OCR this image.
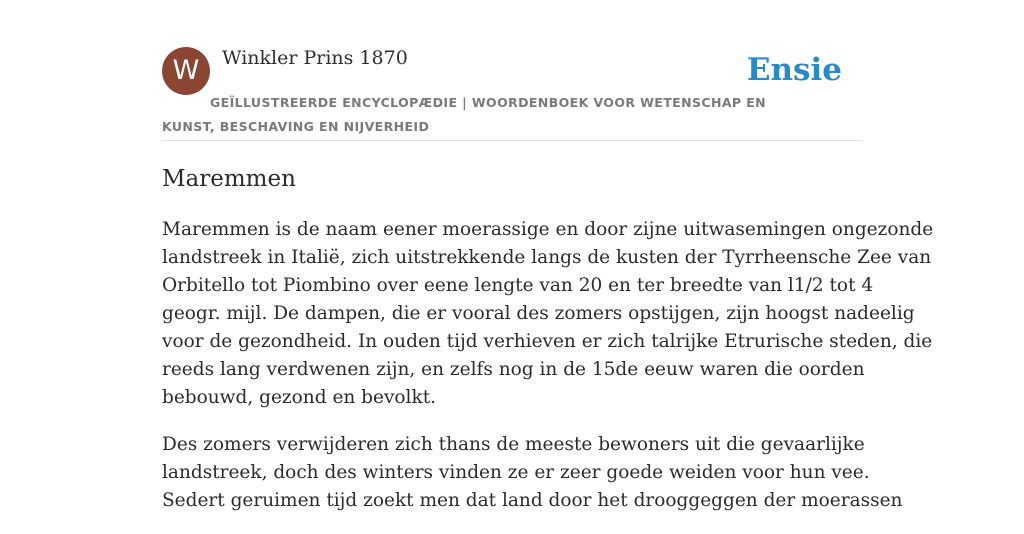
W	Winkler Prins 1870	Ensie
GEÏLLUSTREERDE ENCYCLOPÆDIE | WOORDENBOEK VOOR WETENSCHAP EN KUNST, BESCHAVING EN NIJVERHEID
Maremmen

Maremmen is de naam eener moerassige en door zijne uitwasemingen ongezonde
landstreek in Italië, zich uitstrekkende langs de kusten der Tyrrheensche Zee van
Orbitello tot Piombino over eene lengte van 20 en ter breedte van l1/2 tot 4
geogr. mijl. De dampen, die er vooral des zomers opstijgen, zijn hoogst nadeelig
voor de gezondheid. In ouden tijd verhieven er zich talrijke Etrurische steden, die
reeds lang verdwenen zijn, en zelfs nog in de 15de eeuw waren die oorden
bebouwd, gezond en bevolkt.

Des zomers verwijderen zich thans de meeste bewoners uit die gevaarlijke
landstreek, doch des winters vinden ze er zeer goede weiden voor hun vee.
Sedert geruimen tijd zoekt men dat land door het drooggeggen der moerassen
